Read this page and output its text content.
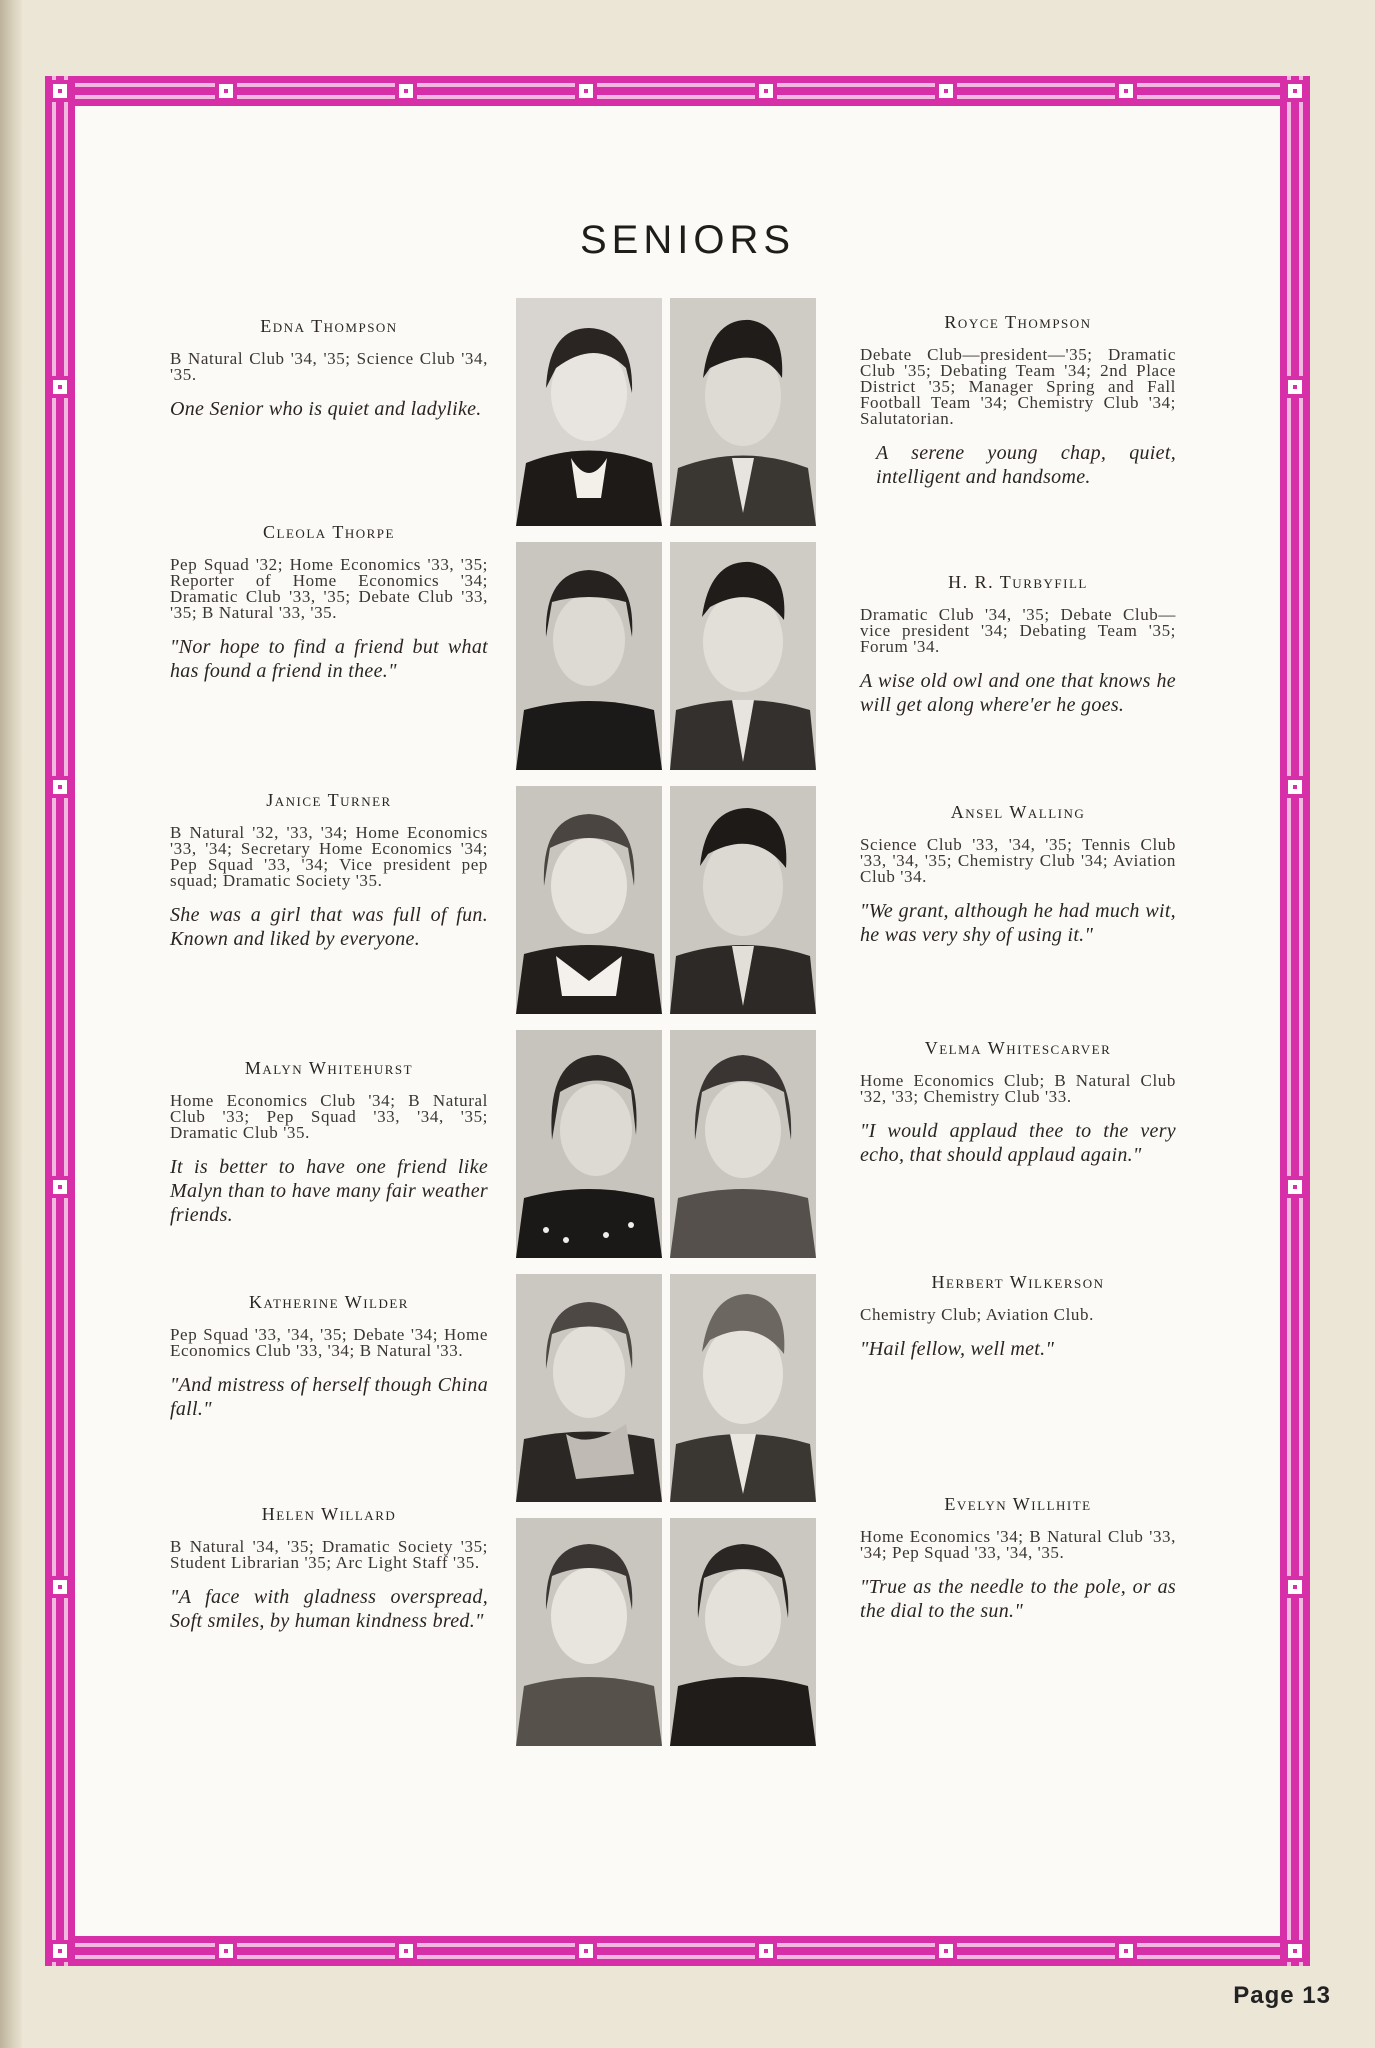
SENIORS

Edna Thompson

B Natural Club '34, '35; Science Club '34, '35.

One Senior who is quiet and ladylike.

Cleola Thorpe

Pep Squad '32; Home Economics '33, '35; Reporter of Home Economics '34; Dramatic Club '33, '35; Debate Club '33, '35; B Natural '33, '35.

"Nor hope to find a friend but what has found a friend in thee."

Janice Turner

B Natural '32, '33, '34; Home Economics '33, '34; Secretary Home Economics '34; Pep Squad '33, '34; Vice president pep squad; Dramatic Society '35.

She was a girl that was full of fun. Known and liked by everyone.

Malyn Whitehurst

Home Economics Club '34; B Natural Club '33; Pep Squad '33, '34, '35; Dramatic Club '35.

It is better to have one friend like Malyn than to have many fair weather friends.

Katherine Wilder

Pep Squad '33, '34, '35; Debate '34; Home Economics Club '33, '34; B Natural '33.

"And mistress of herself though China fall."

Helen Willard

B Natural '34, '35; Dramatic Society '35; Student Librarian '35; Arc Light Staff '35.

"A face with gladness overspread, Soft smiles, by human kindness bred."

Royce Thompson

Debate Club—president—'35; Dramatic Club '35; Debating Team '34; 2nd Place District '35; Manager Spring and Fall Football Team '34; Chemistry Club '34; Salutatorian.

A serene young chap, quiet, intelligent and handsome.

H. R. Turbyfill

Dramatic Club '34, '35; Debate Club—vice president '34; Debating Team '35; Forum '34.

A wise old owl and one that knows he will get along where'er he goes.

Ansel Walling

Science Club '33, '34, '35; Tennis Club '33, '34, '35; Chemistry Club '34; Aviation Club '34.

"We grant, although he had much wit, he was very shy of using it."

Velma Whitescarver

Home Economics Club; B Natural Club '32, '33; Chemistry Club '33.

"I would applaud thee to the very echo, that should applaud again."

Herbert Wilkerson

Chemistry Club; Aviation Club.

"Hail fellow, well met."

Evelyn Willhite

Home Economics '34; B Natural Club '33, '34; Pep Squad '33, '34, '35.

"True as the needle to the pole, or as the dial to the sun."

Page 13
